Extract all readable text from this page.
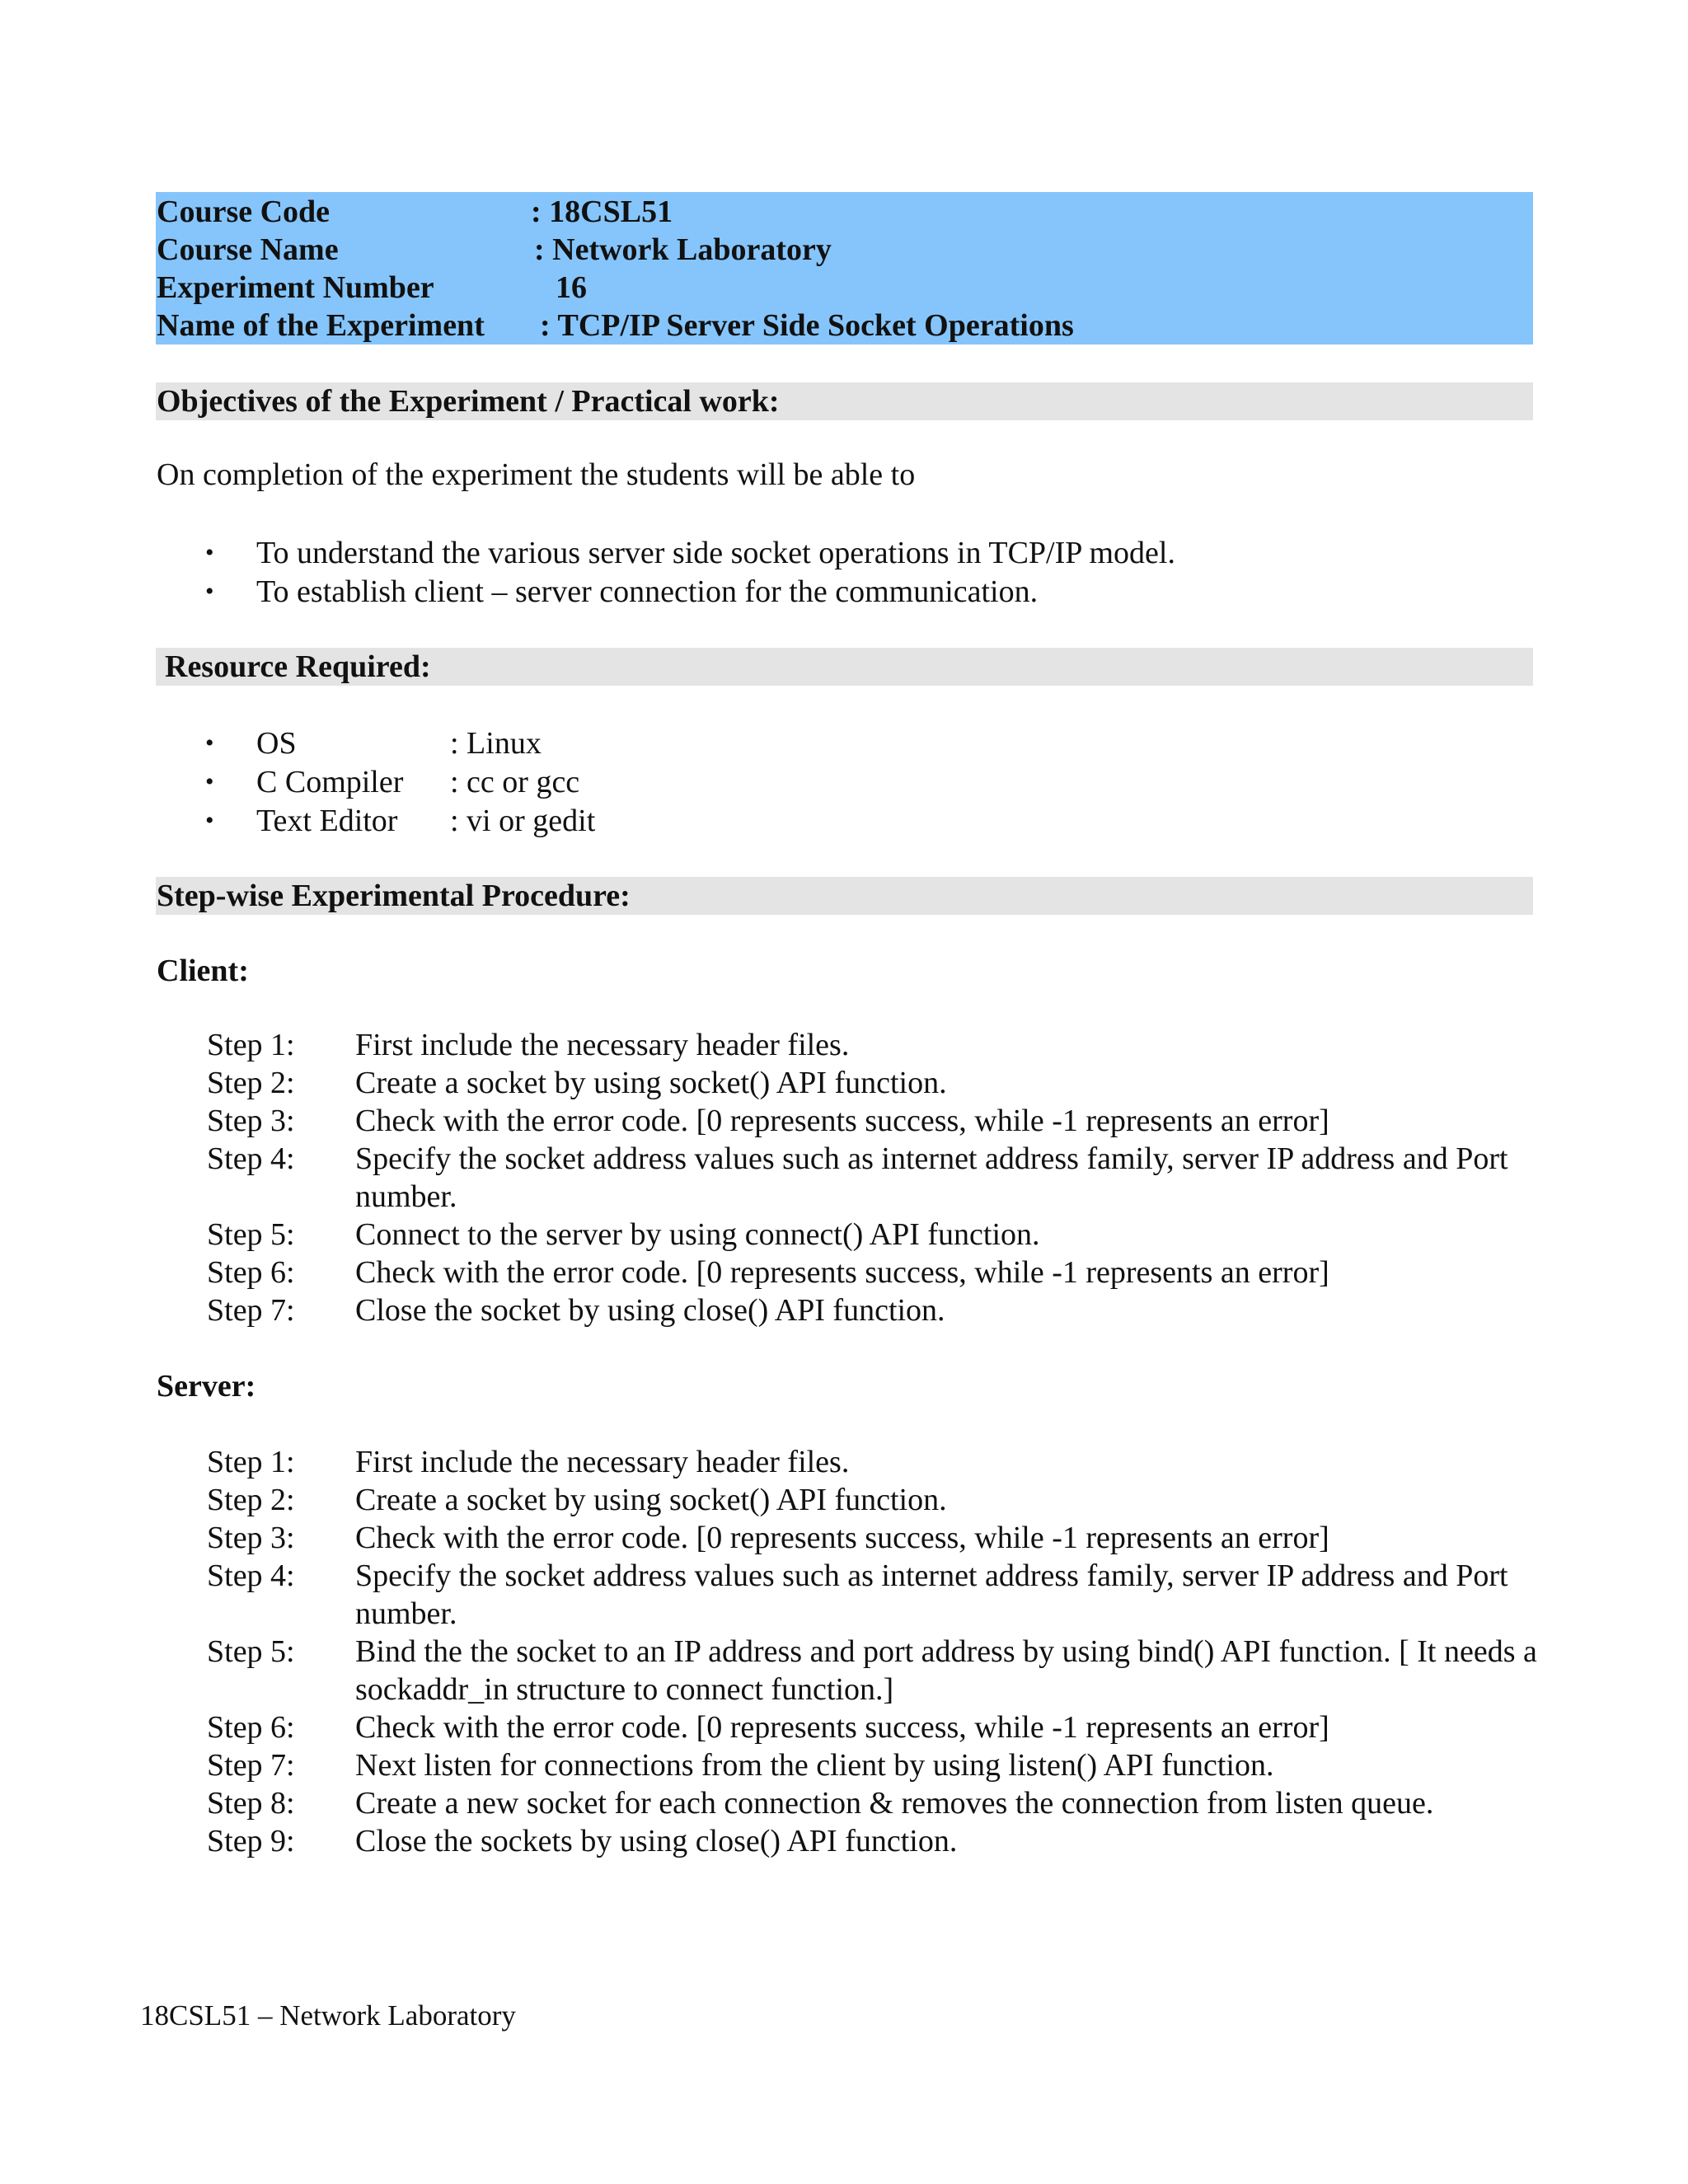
Course Code	: 18CSL51
Course Name	: Network Laboratory
Experiment Number	16
Name of the Experiment : TCP/IP Server Side Socket Operations
Objectives of the Experiment / Practical work:
On completion of the experiment the students will be able to
• To understand the various server side socket operations in TCP/IP model.
• To establish client – server connection for the communication.
Resource Required:
• OS	: Linux
• C Compiler : cc or gcc
• Text Editor : vi or gedit
Step-wise Experimental Procedure:
Client:
Step 1: First include the necessary header files.
Step 2: Create a socket by using socket() API function.
Step 3: Check with the error code. [0 represents success, while -1 represents an error]
Step 4: Specify the socket address values such as internet address family, server IP address and Port number.
Step 5: Connect to the server by using connect() API function.
Step 6: Check with the error code. [0 represents success, while -1 represents an error]
Step 7: Close the socket by using close() API function.
Server:
Step 1: First include the necessary header files.
Step 2: Create a socket by using socket() API function.
Step 3: Check with the error code. [0 represents success, while -1 represents an error]
Step 4: Specify the socket address values such as internet address family, server IP address and Port number.
Step 5: Bind the the socket to an IP address and port address by using bind() API function. [ It needs a sockaddr_in structure to connect function.]
Step 6: Check with the error code. [0 represents success, while -1 represents an error]
Step 7: Next listen for connections from the client by using listen() API function.
Step 8: Create a new socket for each connection & removes the connection from listen queue.
Step 9: Close the sockets by using close() API function.
18CSL51 – Network Laboratory
